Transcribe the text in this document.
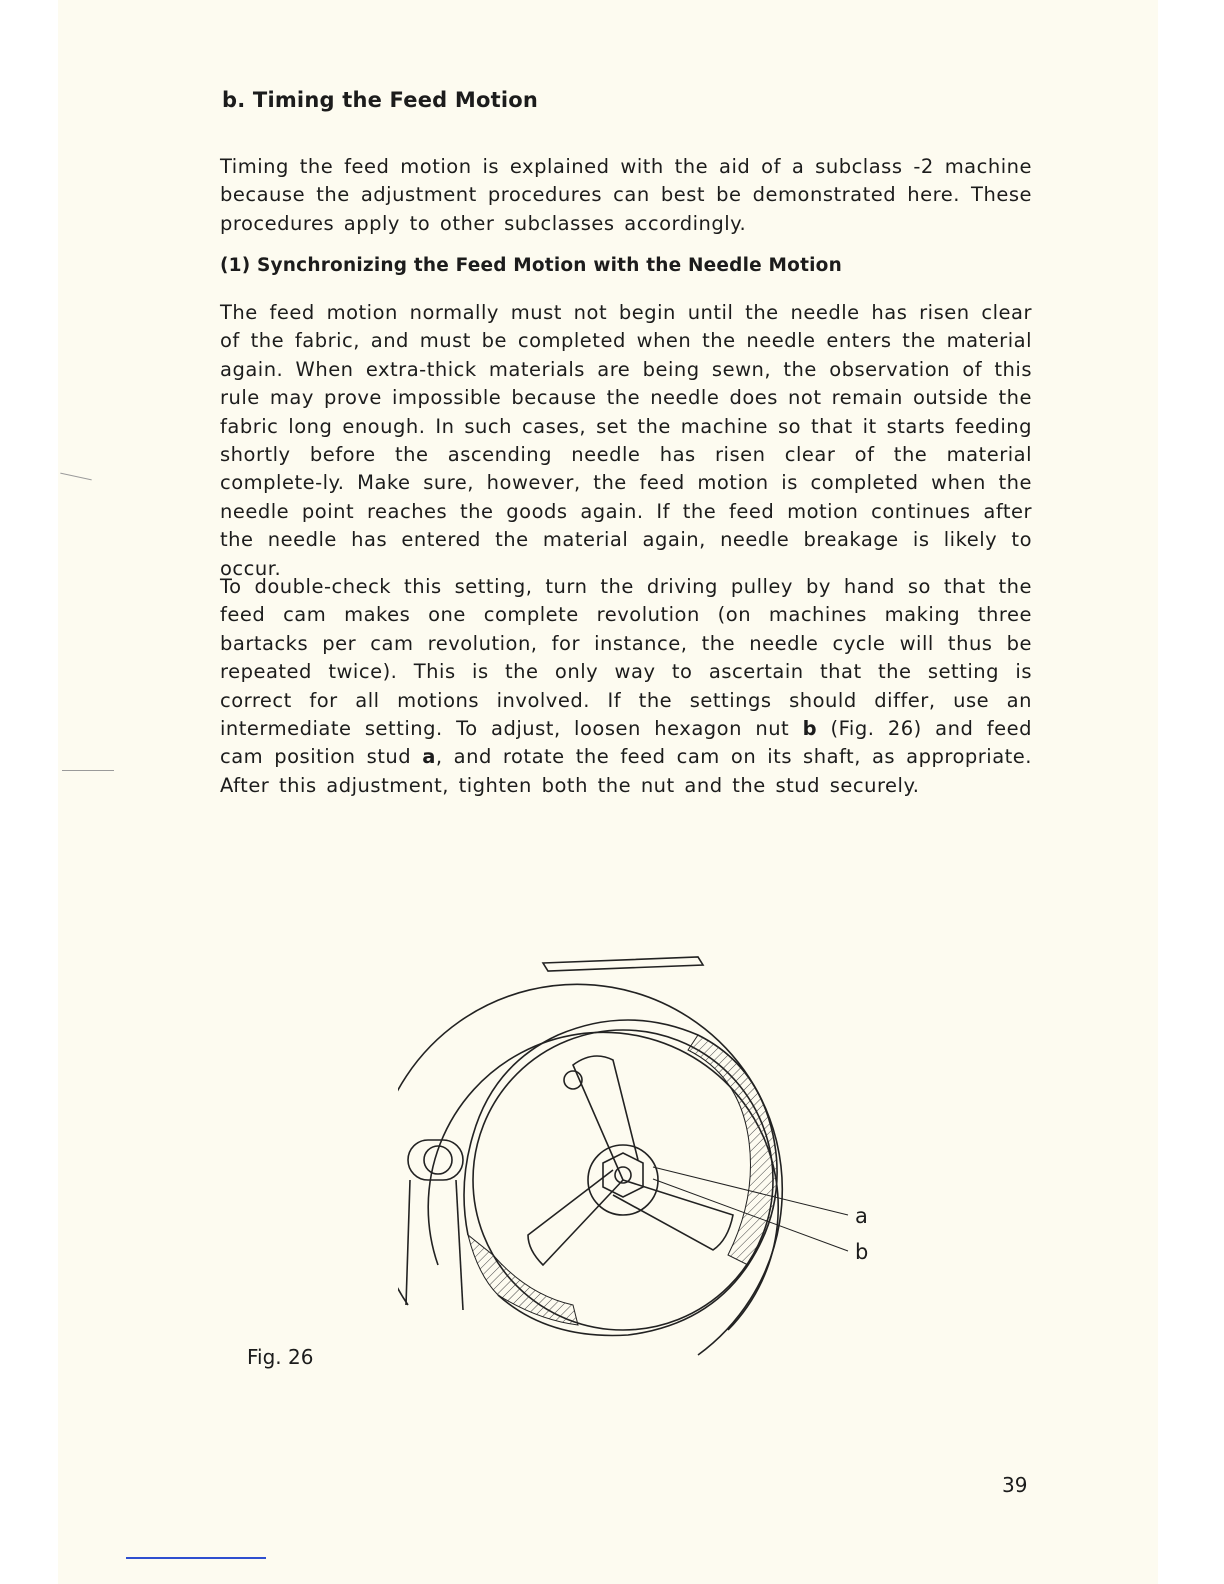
b. Timing the Feed Motion

Timing the feed motion is explained with the aid of a subclass -2 machine because the adjustment procedures can best be demonstrated here. These procedures apply to other subclasses accordingly.

(1) Synchronizing the Feed Motion with the Needle Motion

The feed motion normally must not begin until the needle has risen clear of the fabric, and must be completed when the needle enters the material again. When extra-thick materials are being sewn, the observation of this rule may prove impossible because the needle does not remain outside the fabric long enough. In such cases, set the machine so that it starts feeding shortly before the ascending needle has risen clear of the material complete-ly. Make sure, however, the feed motion is completed when the needle point reaches the goods again. If the feed motion continues after the needle has entered the material again, needle breakage is likely to occur.

To double-check this setting, turn the driving pulley by hand so that the feed cam makes one complete revolution (on machines making three bartacks per cam revolution, for instance, the needle cycle will thus be repeated twice). This is the only way to ascertain that the setting is correct for all motions involved. If the settings should differ, use an intermediate setting. To adjust, loosen hexagon nut b (Fig. 26) and feed cam position stud a, and rotate the feed cam on its shaft, as appropriate. After this adjustment, tighten both the nut and the stud securely.

a
b
Fig. 26
39
